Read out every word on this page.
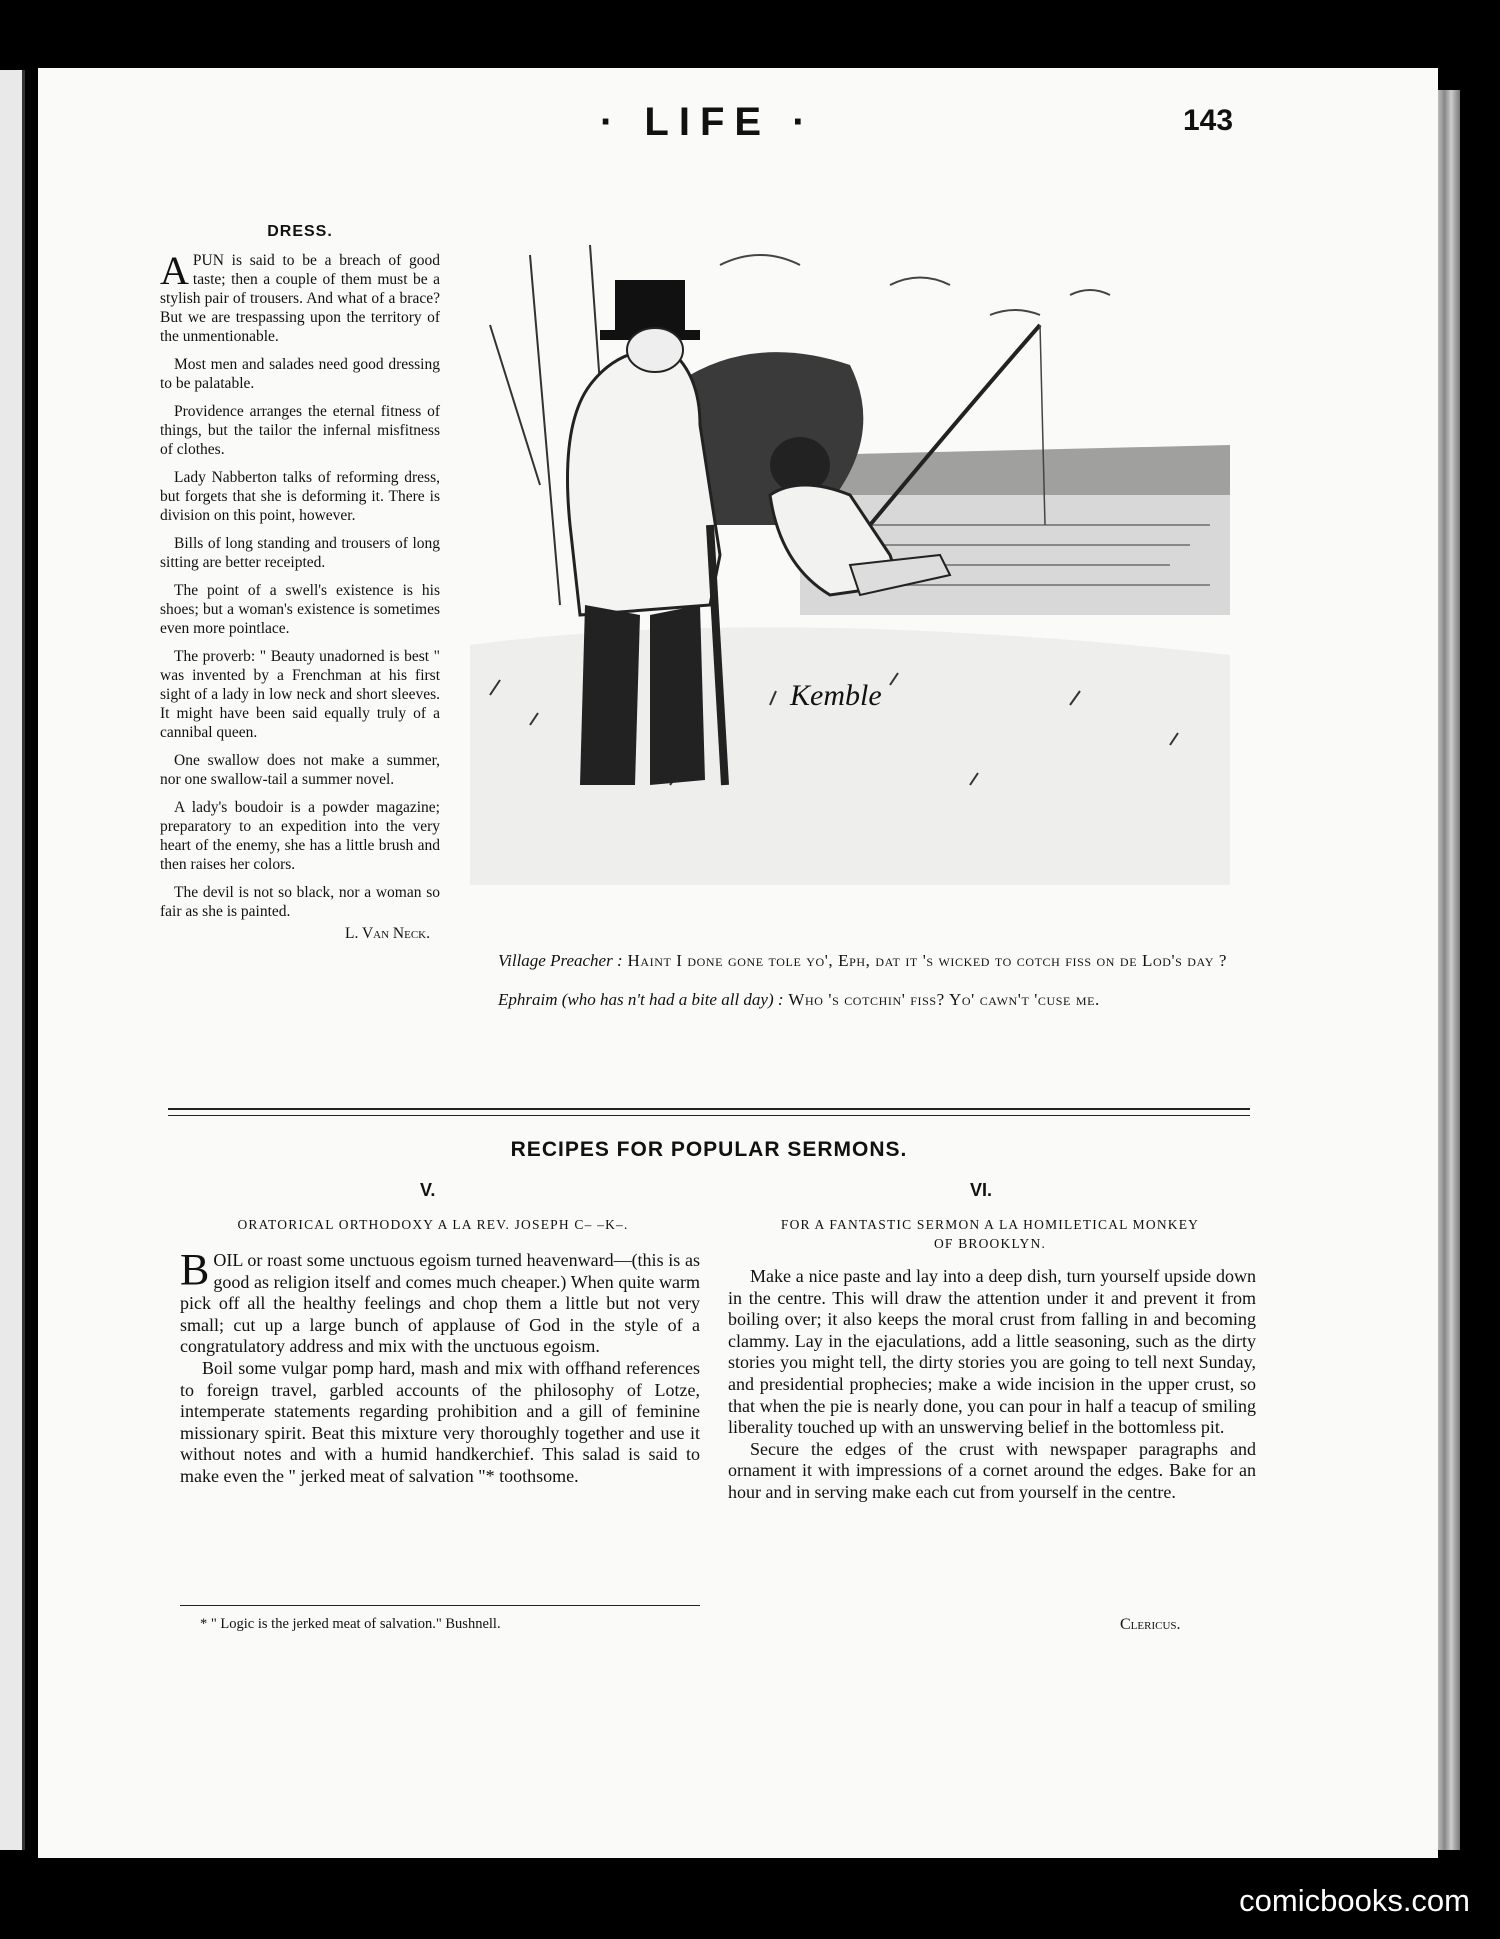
· LIFE ·	143
DRESS.

A PUN is said to be a breach of good taste; then a couple of them must be a stylish pair of trousers. And what of a brace? But we are trespassing upon the territory of the unmentionable.

Most men and salades need good dressing to be palatable.

Providence arranges the eternal fitness of things, but the tailor the infernal misfitness of clothes.

Lady Nabberton talks of reforming dress, but forgets that she is deforming it. There is division on this point, however.

Bills of long standing and trousers of long sitting are better receipted.

The point of a swell's existence is his shoes; but a woman's existence is sometimes even more pointlace.

The proverb: " Beauty unadorned is best " was invented by a Frenchman at his first sight of a lady in low neck and short sleeves. It might have been said equally truly of a cannibal queen.

One swallow does not make a summer, nor one swallow-tail a summer novel.

A lady's boudoir is a powder magazine; preparatory to an expedition into the very heart of the enemy, she has a little brush and then raises her colors.

The devil is not so black, nor a woman so fair as she is painted.

L. Van Neck.
Kemble

Village Preacher : Haint I done gone tole yo', Eph, dat it 's wicked to cotch fiss on de Lod's day ?

Ephraim (who has n't had a bite all day) : Who 's cotchin' fiss? Yo' cawn't 'cuse me.

RECIPES FOR POPULAR SERMONS.
V.
ORATORICAL ORTHODOXY A LA REV. JOSEPH C– –K–.

BOIL or roast some unctuous egoism turned heavenward—(this is as good as religion itself and comes much cheaper.) When quite warm pick off all the healthy feelings and chop them a little but not very small; cut up a large bunch of applause of God in the style of a congratulatory address and mix with the unctuous egoism.

Boil some vulgar pomp hard, mash and mix with offhand references to foreign travel, garbled accounts of the philosophy of Lotze, intemperate statements regarding prohibition and a gill of feminine missionary spirit. Beat this mixture very thoroughly together and use it without notes and with a humid handkerchief. This salad is said to make even the " jerked meat of salvation "* toothsome.

* " Logic is the jerked meat of salvation." Bushnell.
VI.
FOR A FANTASTIC SERMON A LA HOMILETICAL MONKEY
OF BROOKLYN.

Make a nice paste and lay into a deep dish, turn yourself upside down in the centre. This will draw the attention under it and prevent it from boiling over; it also keeps the moral crust from falling in and becoming clammy. Lay in the ejaculations, add a little seasoning, such as the dirty stories you might tell, the dirty stories you are going to tell next Sunday, and presidential prophecies; make a wide incision in the upper crust, so that when the pie is nearly done, you can pour in half a teacup of smiling liberality touched up with an unswerving belief in the bottomless pit.

Secure the edges of the crust with newspaper paragraphs and ornament it with impressions of a cornet around the edges. Bake for an hour and in serving make each cut from yourself in the centre.

Clericus.
comicbooks.com
